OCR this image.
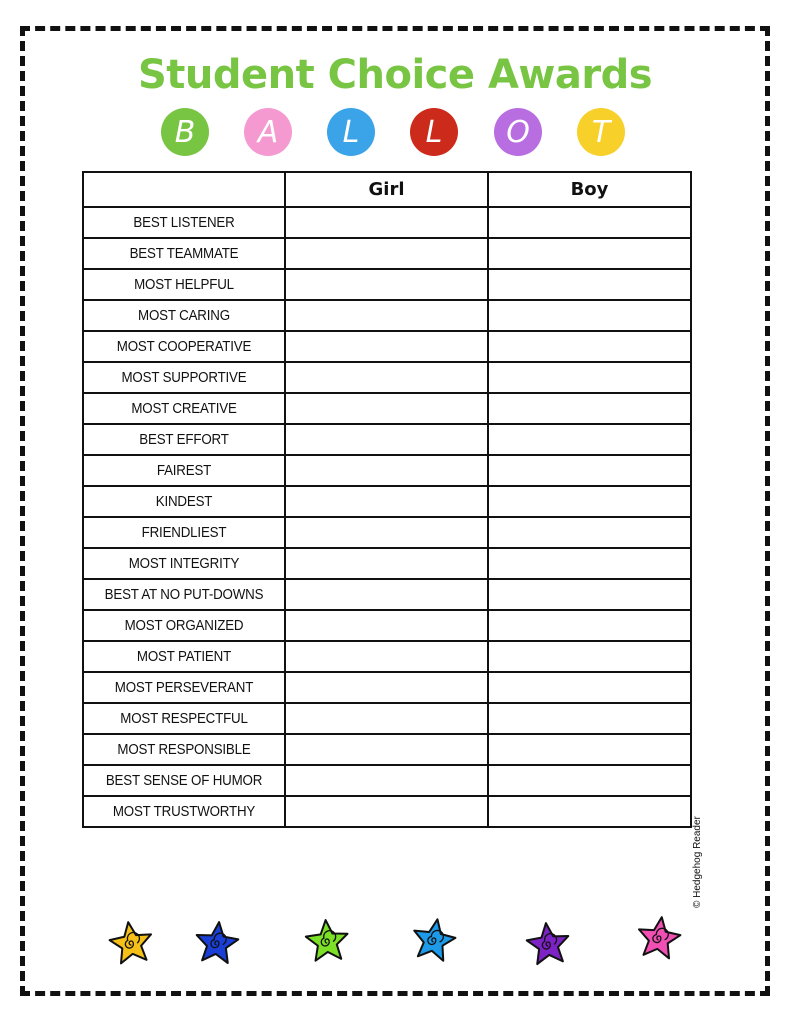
Student Choice Awards
B	A	L	L	O	T
	Girl	Boy

BEST LISTENER		

BEST TEAMMATE		

MOST HELPFUL		

MOST CARING		

MOST COOPERATIVE		

MOST SUPPORTIVE		

MOST CREATIVE		

BEST EFFORT		

FAIREST		

KINDEST		

FRIENDLIEST		

MOST INTEGRITY		

BEST AT NO PUT-DOWNS		

MOST ORGANIZED		

MOST PATIENT		

MOST PERSEVERANT		

MOST RESPECTFUL		

MOST RESPONSIBLE		

BEST SENSE OF HUMOR		

MOST TRUSTWORTHY		

© Hedgehog Reader
